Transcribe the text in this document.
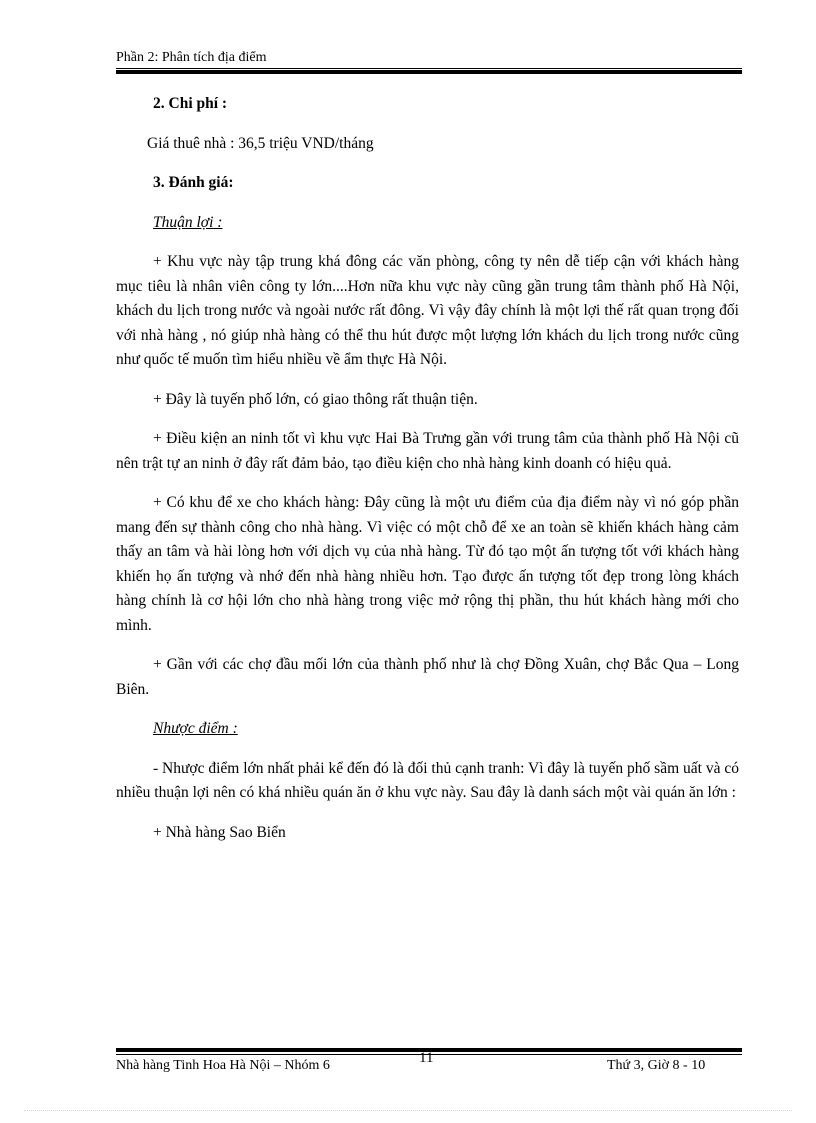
Phần 2: Phân tích địa điểm

2. Chi phí :

Giá thuê nhà : 36,5 triệu VND/tháng

3. Đánh giá:

Thuận lợi :

+ Khu vực này tập trung khá đông các văn phòng, công ty nên dễ tiếp cận với khách hàng mục tiêu là nhân viên công ty lớn....Hơn nữa khu vực này cũng gần trung tâm thành phố Hà Nội, khách du lịch trong nước và ngoài nước rất đông. Vì vậy đây chính là một lợi thế rất quan trọng đối với nhà hàng , nó giúp nhà hàng có thể thu hút được một lượng lớn khách du lịch trong nước cũng như quốc tế muốn tìm hiểu nhiều về ẩm thực Hà Nội.

+ Đây là tuyến phố lớn, có giao thông rất thuận tiện.

+ Điều kiện an ninh tốt vì khu vực Hai Bà Trưng gần với trung tâm của thành phố Hà Nội cũ nên trật tự an ninh ở đây rất đảm bảo, tạo điều kiện cho nhà hàng kinh doanh có hiệu quả.

+ Có khu để xe cho khách hàng: Đây cũng là một ưu điểm của địa điểm này vì nó góp phần mang đến sự thành công cho nhà hàng. Vì việc có một chỗ để xe an toàn sẽ khiến khách hàng cảm thấy an tâm và hài lòng hơn với dịch vụ của nhà hàng. Từ đó tạo một ấn tượng tốt với khách hàng khiến họ ấn tượng và nhớ đến nhà hàng nhiều hơn. Tạo được ấn tượng tốt đẹp trong lòng khách hàng chính là cơ hội lớn cho nhà hàng trong việc mở rộng thị phần, thu hút khách hàng mới cho mình.

+ Gần với các chợ đầu mối lớn của thành phố như là chợ Đồng Xuân, chợ Bắc Qua – Long Biên.

Nhược điểm :

- Nhược điểm lớn nhất phải kể đến đó là đối thủ cạnh tranh: Vì đây là tuyến phố sầm uất và có nhiều thuận lợi nên có khá nhiều quán ăn ở khu vực này. Sau đây là danh sách một vài quán ăn lớn :

+ Nhà hàng Sao Biển

Nhà hàng Tinh Hoa Hà Nội – Nhóm 6	11	Thứ 3, Giờ 8 - 10
